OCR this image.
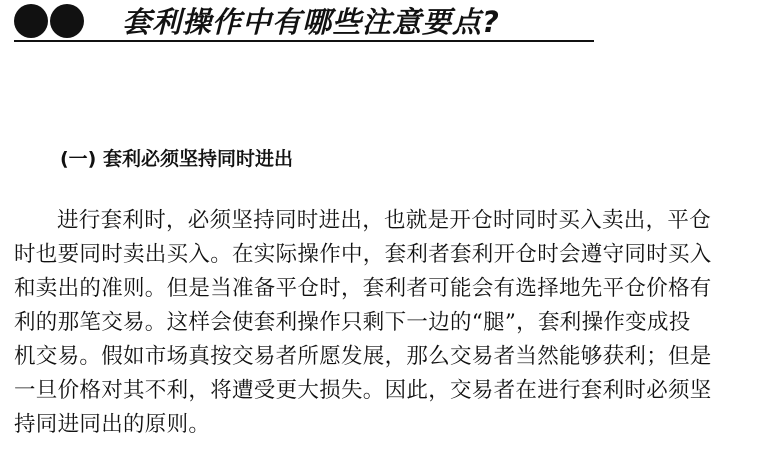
套利操作中有哪些注意要点?
(一) 套利必须坚持同时进出
进行套利时，必须坚持同时进出，也就是开仓时同时买入卖出，平仓
时也要同时卖出买入。在实际操作中，套利者套利开仓时会遵守同时买入
和卖出的准则。但是当准备平仓时，套利者可能会有选择地先平仓价格有
利的那笔交易。这样会使套利操作只剩下一边的“腿”，套利操作变成投
机交易。假如市场真按交易者所愿发展，那么交易者当然能够获利；但是
一旦价格对其不利，将遭受更大损失。因此，交易者在进行套利时必须坚
持同进同出的原则。
